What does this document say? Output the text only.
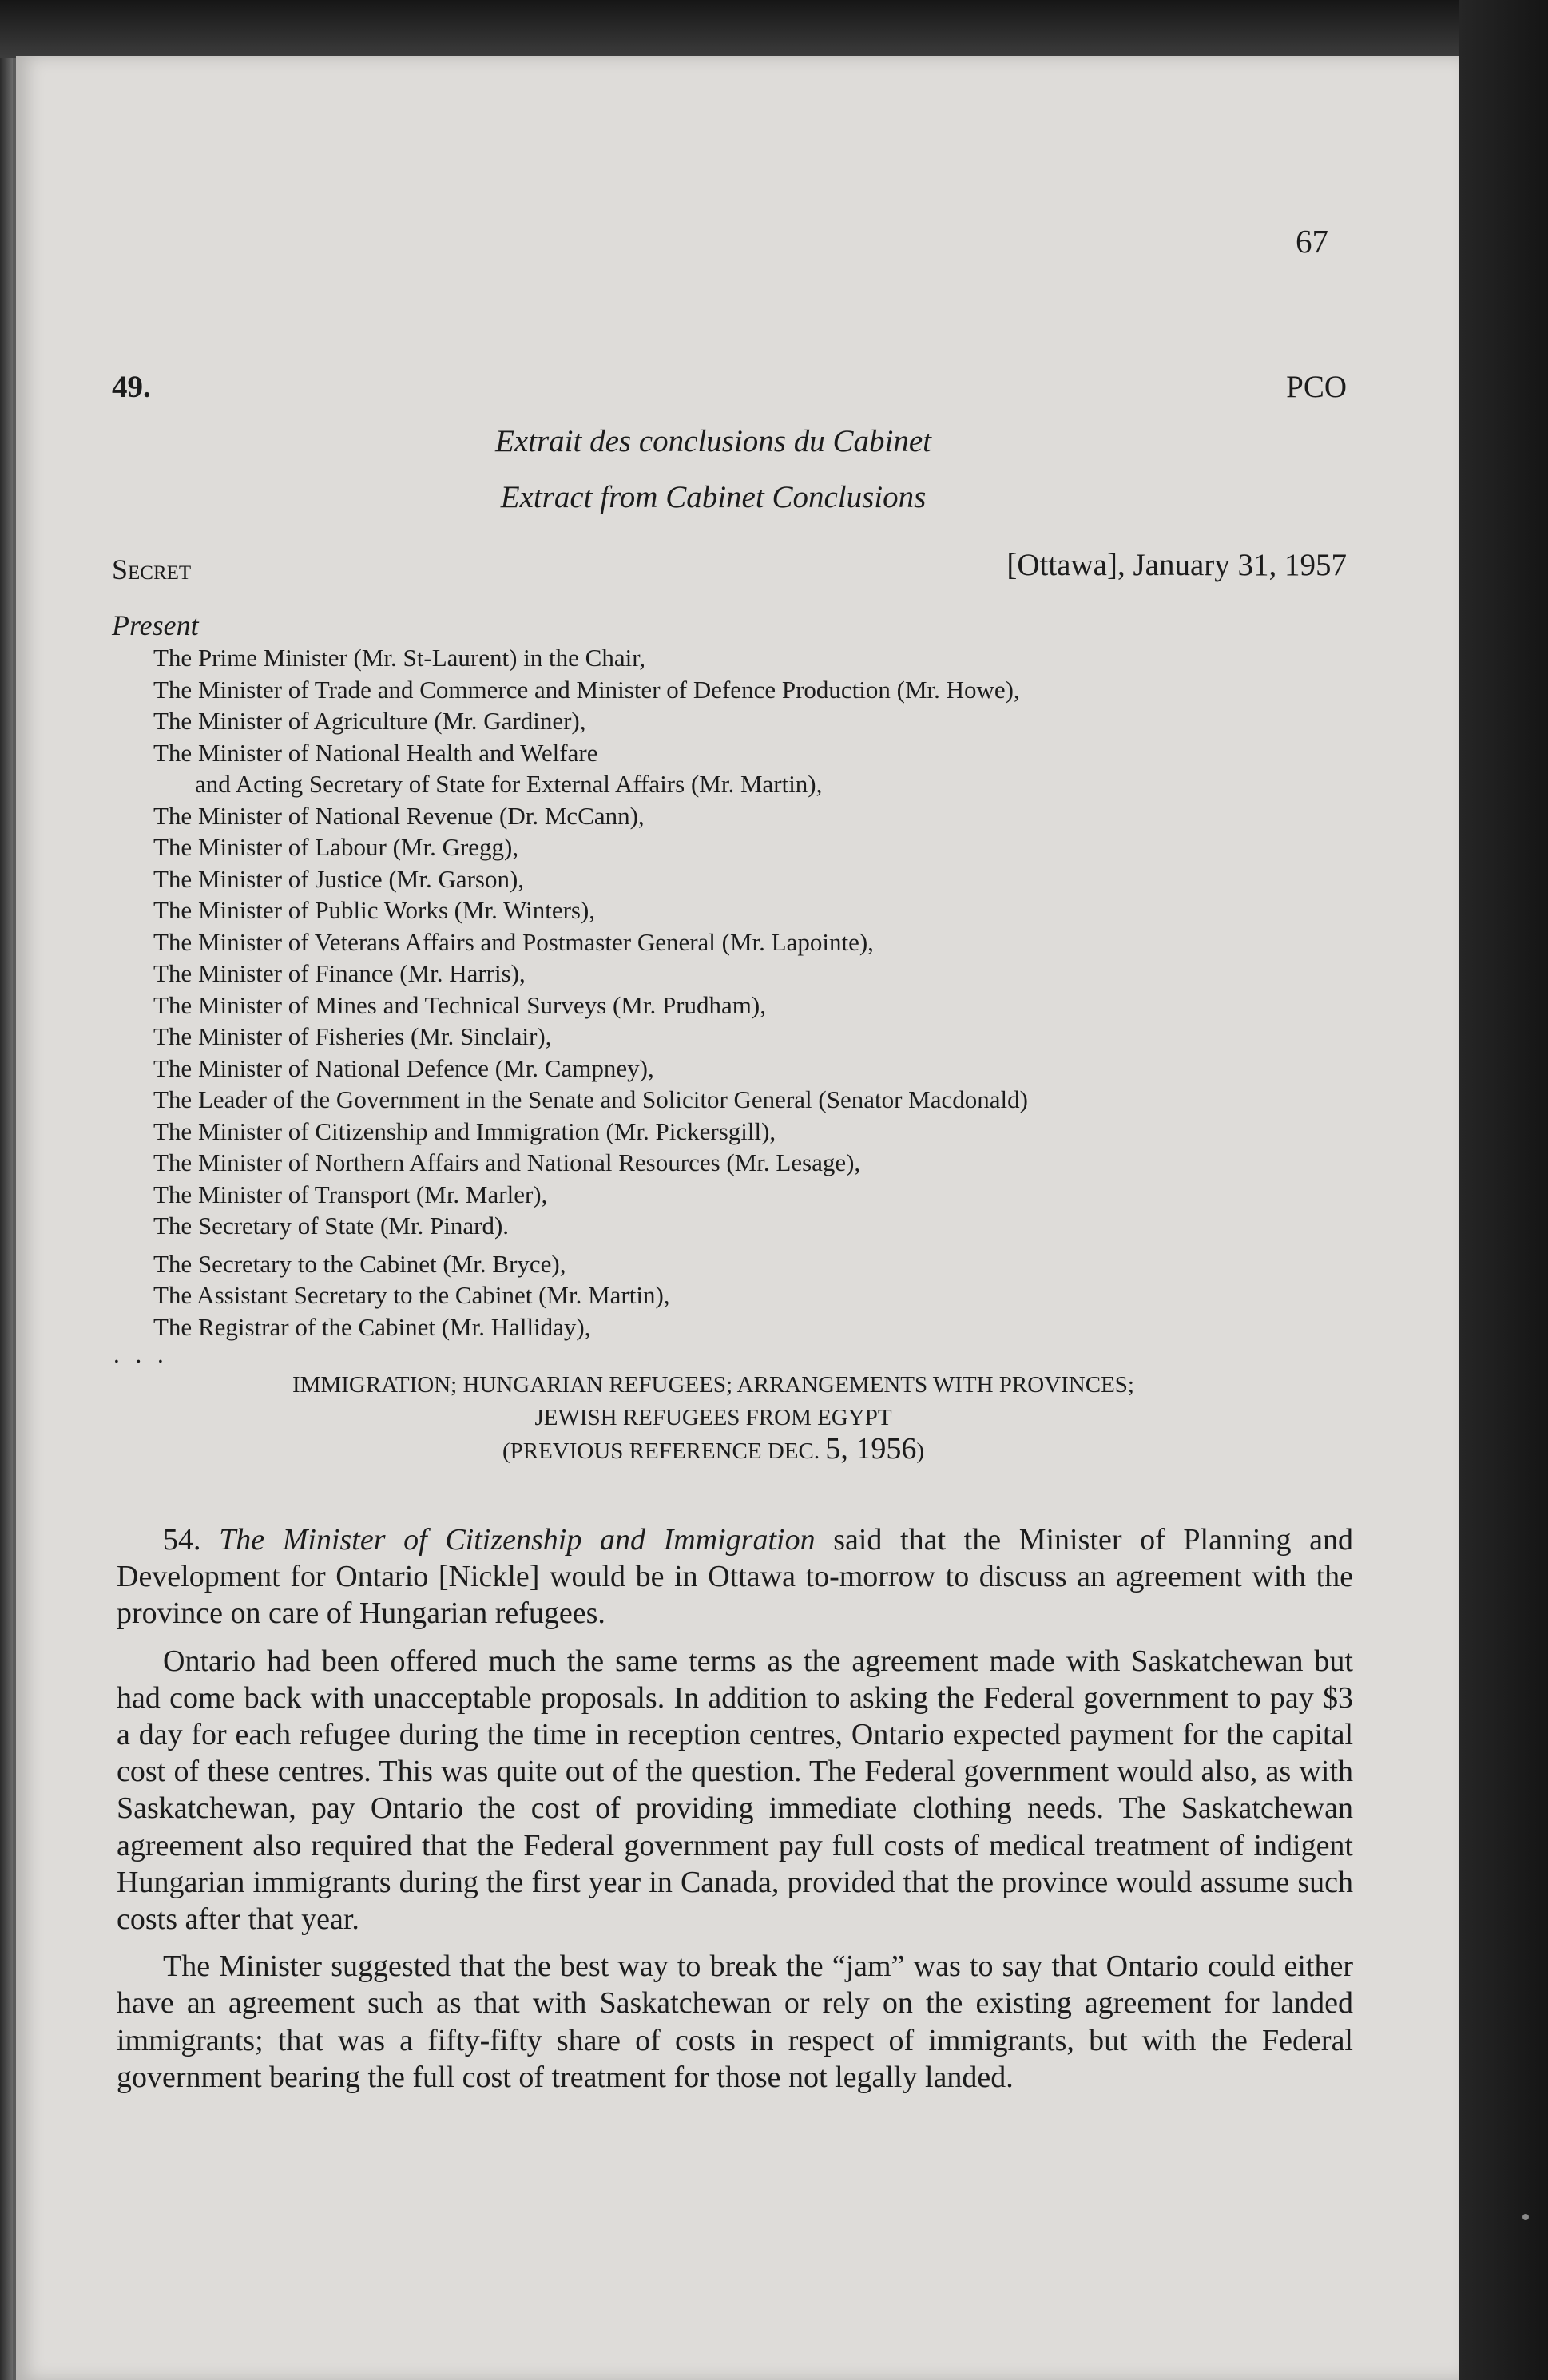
67
49.	PCO
Extrait des conclusions du Cabinet
Extract from Cabinet Conclusions
Secret	[Ottawa], January 31, 1957
Present
The Prime Minister (Mr. St-Laurent) in the Chair,
The Minister of Trade and Commerce and Minister of Defence Production (Mr. Howe),
The Minister of Agriculture (Mr. Gardiner),
The Minister of National Health and Welfare
and Acting Secretary of State for External Affairs (Mr. Martin),
The Minister of National Revenue (Dr. McCann),
The Minister of Labour (Mr. Gregg),
The Minister of Justice (Mr. Garson),
The Minister of Public Works (Mr. Winters),
The Minister of Veterans Affairs and Postmaster General (Mr. Lapointe),
The Minister of Finance (Mr. Harris),
The Minister of Mines and Technical Surveys (Mr. Prudham),
The Minister of Fisheries (Mr. Sinclair),
The Minister of National Defence (Mr. Campney),
The Leader of the Government in the Senate and Solicitor General (Senator Macdonald)
The Minister of Citizenship and Immigration (Mr. Pickersgill),
The Minister of Northern Affairs and National Resources (Mr. Lesage),
The Minister of Transport (Mr. Marler),
The Secretary of State (Mr. Pinard).
The Secretary to the Cabinet (Mr. Bryce),
The Assistant Secretary to the Cabinet (Mr. Martin),
The Registrar of the Cabinet (Mr. Halliday),
. . .
IMMIGRATION; HUNGARIAN REFUGEES; ARRANGEMENTS WITH PROVINCES;
JEWISH REFUGEES FROM EGYPT
(PREVIOUS REFERENCE DEC. 5, 1956)

54. The Minister of Citizenship and Immigration said that the Minister of Planning and Development for Ontario [Nickle] would be in Ottawa to-morrow to discuss an agreement with the province on care of Hungarian refugees.

Ontario had been offered much the same terms as the agreement made with Saskatchewan but had come back with unacceptable proposals. In addition to asking the Federal government to pay $3 a day for each refugee during the time in reception centres, Ontario expected payment for the capital cost of these centres. This was quite out of the question. The Federal government would also, as with Saskatchewan, pay Ontario the cost of providing immediate clothing needs. The Saskatchewan agreement also required that the Federal government pay full costs of medical treatment of indigent Hungarian immigrants during the first year in Canada, provided that the province would assume such costs after that year.

The Minister suggested that the best way to break the “jam” was to say that Ontario could either have an agreement such as that with Saskatchewan or rely on the existing agreement for landed immigrants; that was a fifty-fifty share of costs in respect of immigrants, but with the Federal government bearing the full cost of treatment for those not legally landed.
